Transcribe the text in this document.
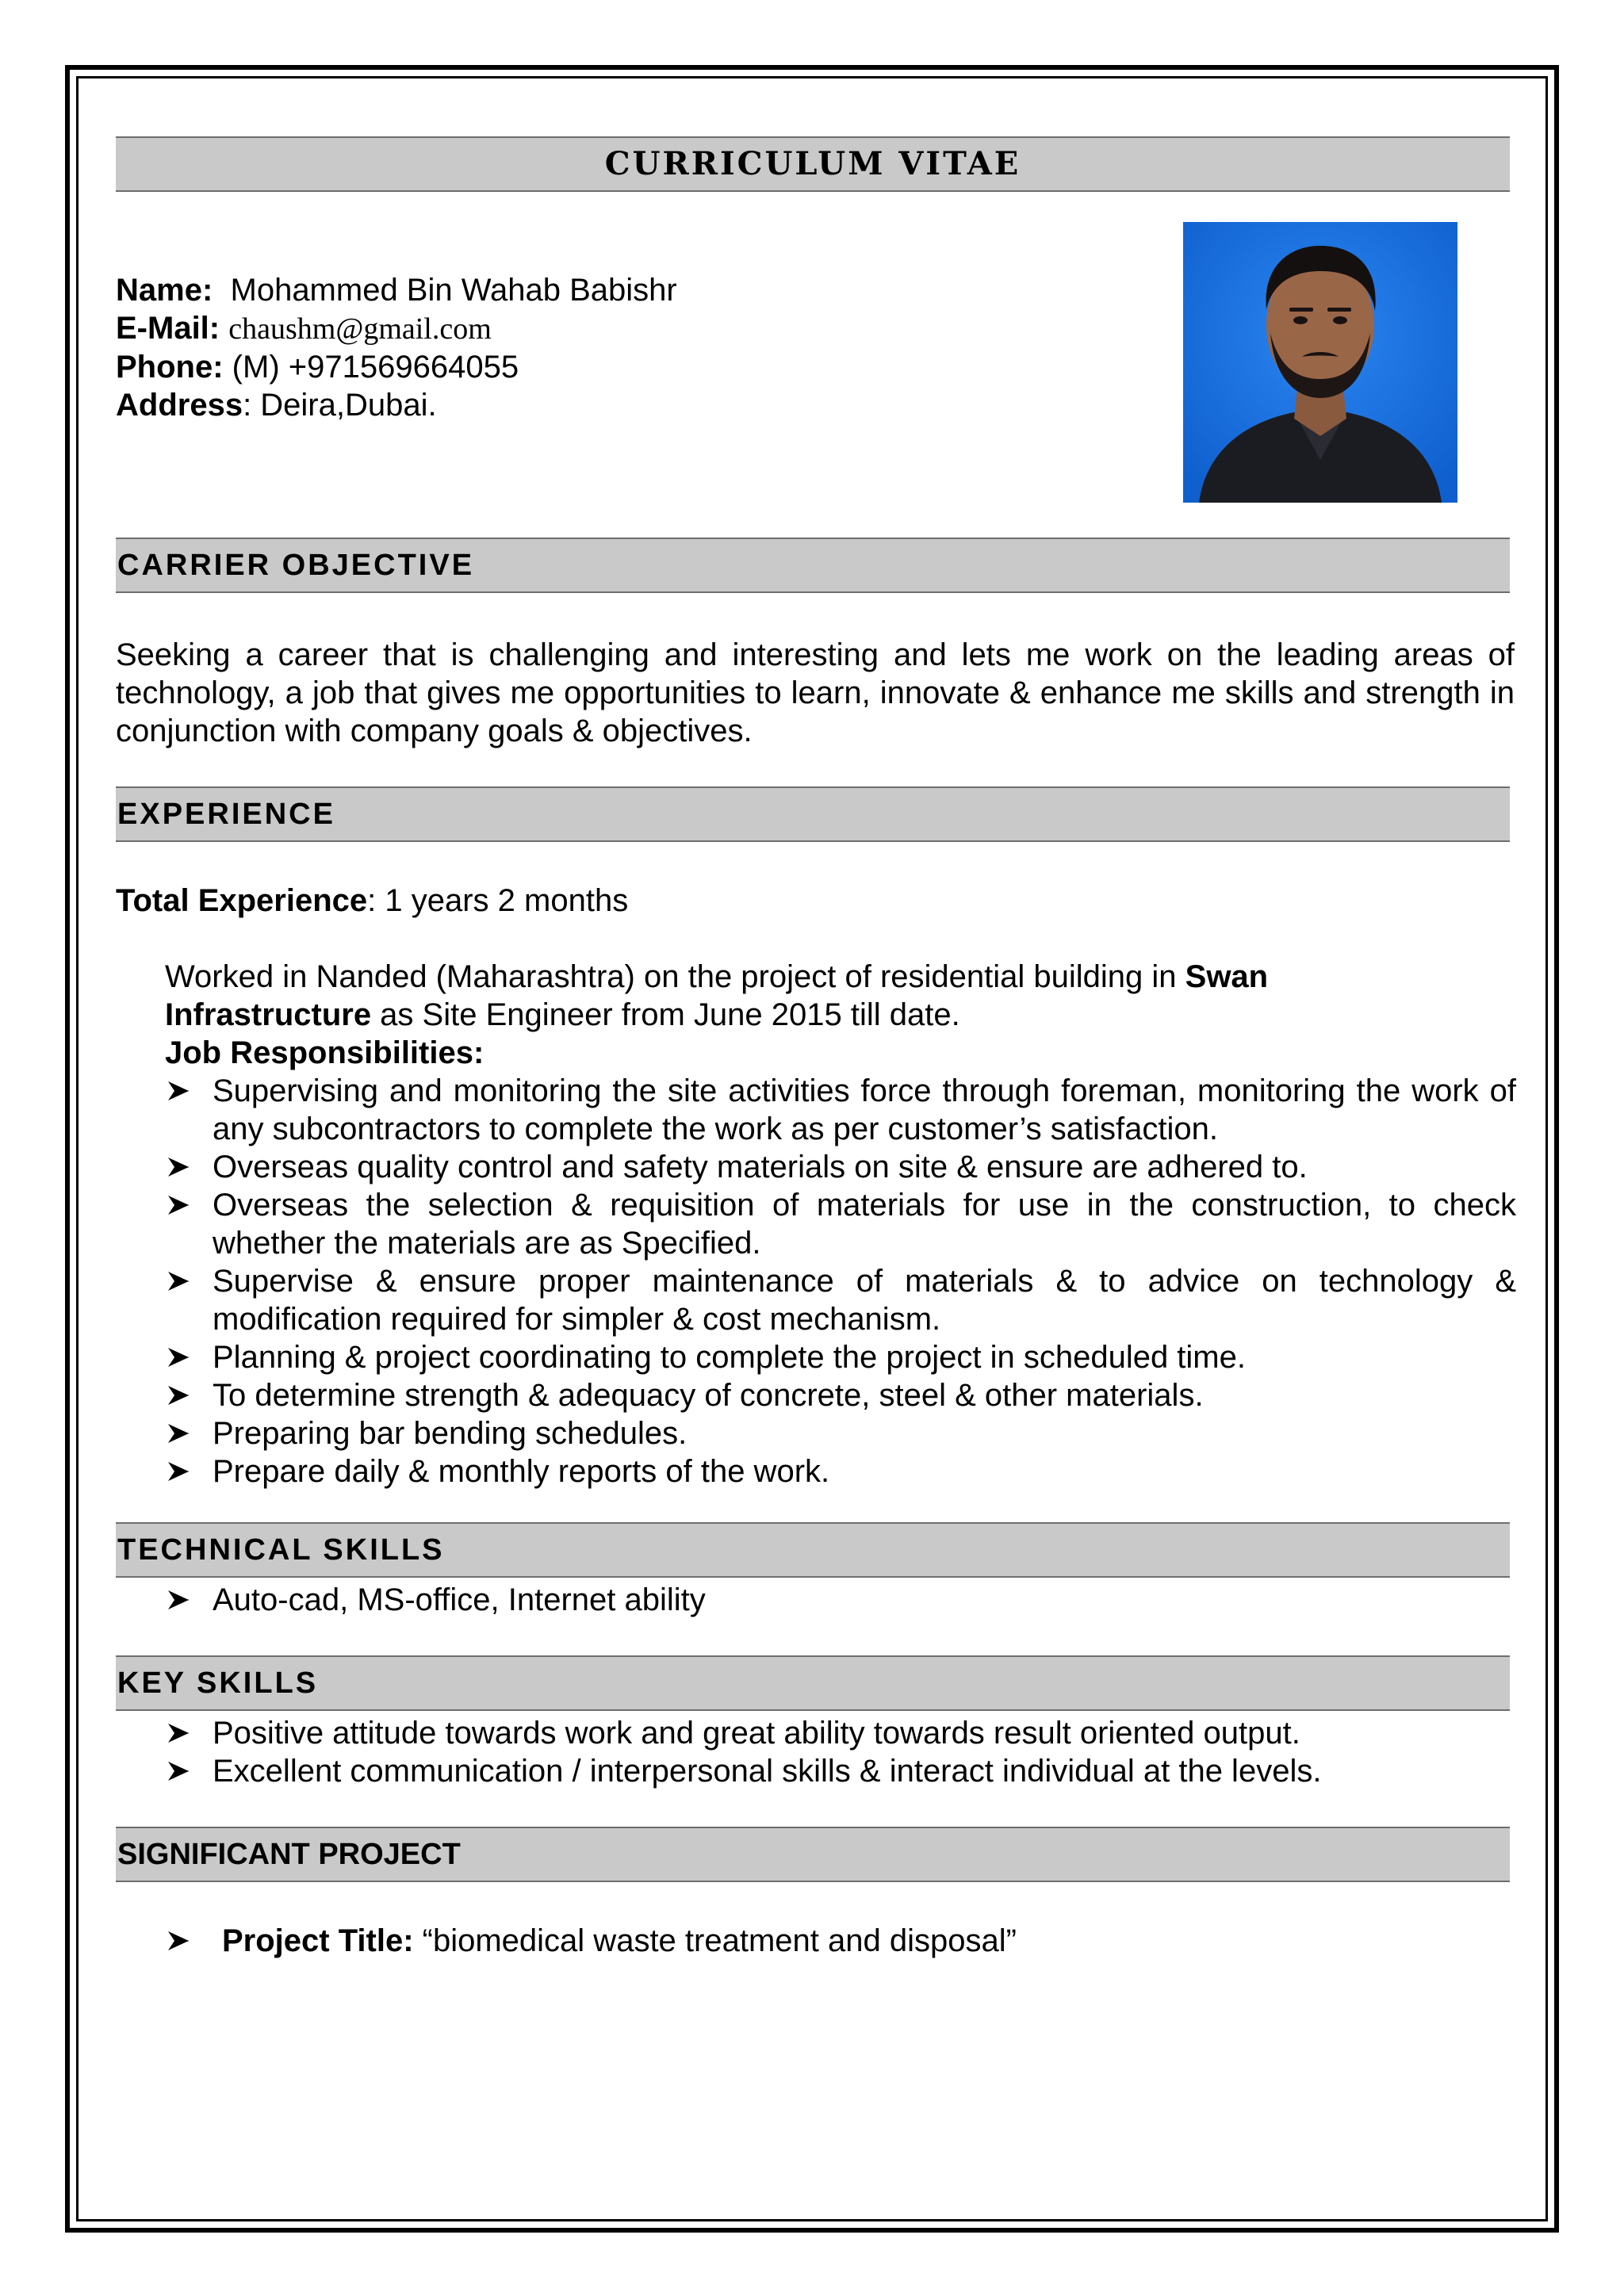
CURRICULUM VITAE
Name: Mohammed Bin Wahab Babishr
E-Mail: chaushm@gmail.com
Phone: (M) +971569664055
Address: Deira,Dubai.
CARRIER OBJECTIVE
Seeking a career that is challenging and interesting and lets me work on the leading areas of technology, a job that gives me opportunities to learn, innovate & enhance me skills and strength in conjunction with company goals & objectives.
EXPERIENCE
Total Experience: 1 years 2 months
Worked in Nanded (Maharashtra) on the project of residential building in Swan Infrastructure as Site Engineer from June 2015 till date.
Job Responsibilities:
Supervising and monitoring the site activities force through foreman, monitoring the work of any subcontractors to complete the work as per customer’s satisfaction.
Overseas quality control and safety materials on site & ensure are adhered to.
Overseas the selection & requisition of materials for use in the construction, to check whether the materials are as Specified.
Supervise & ensure proper maintenance of materials & to advice on technology & modification required for simpler & cost mechanism.
Planning & project coordinating to complete the project in scheduled time.
To determine strength & adequacy of concrete, steel & other materials.
Preparing bar bending schedules.
Prepare daily & monthly reports of the work.
TECHNICAL SKILLS
Auto-cad, MS-office, Internet ability
KEY SKILLS
Positive attitude towards work and great ability towards result oriented output.
Excellent communication / interpersonal skills & interact individual at the levels.
SIGNIFICANT PROJECT
Project Title: “biomedical waste treatment and disposal”
